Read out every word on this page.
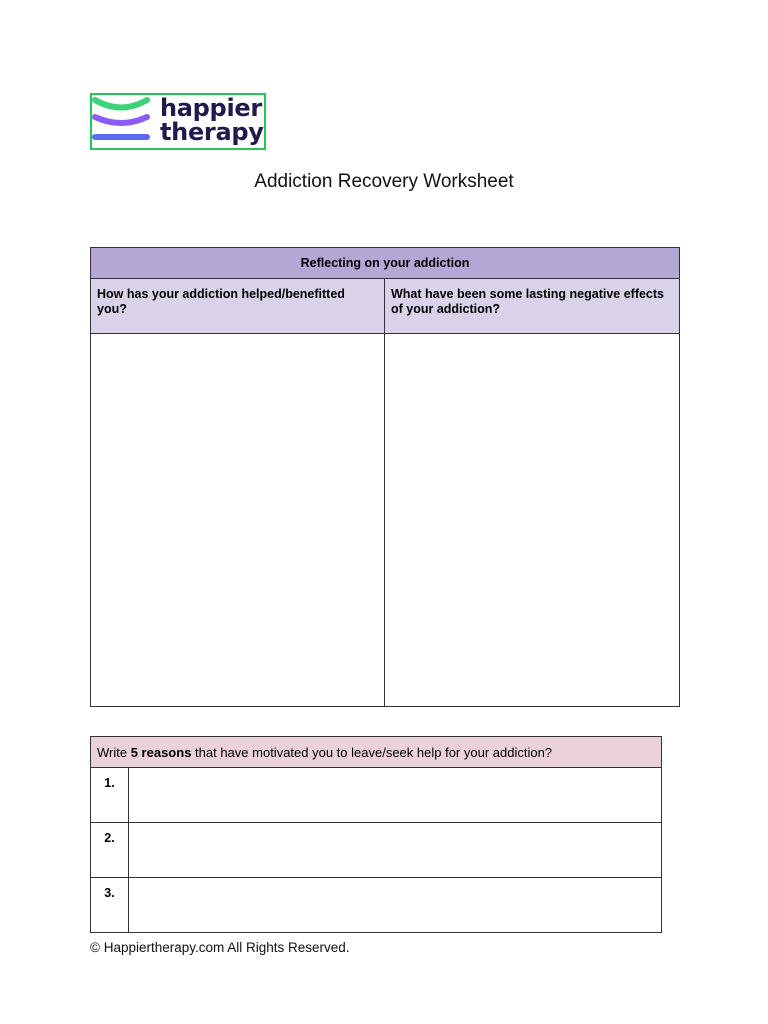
happier
therapy
Addiction Recovery Worksheet
Reflecting on your addiction	
How has your addiction helped/benefitted you?	What have been some lasting negative effects of your addiction?

Write 5 reasons that have motivated you to leave/seek help for your addiction?	
1.	
2.	
3.	
© Happiertherapy.com All Rights Reserved.
